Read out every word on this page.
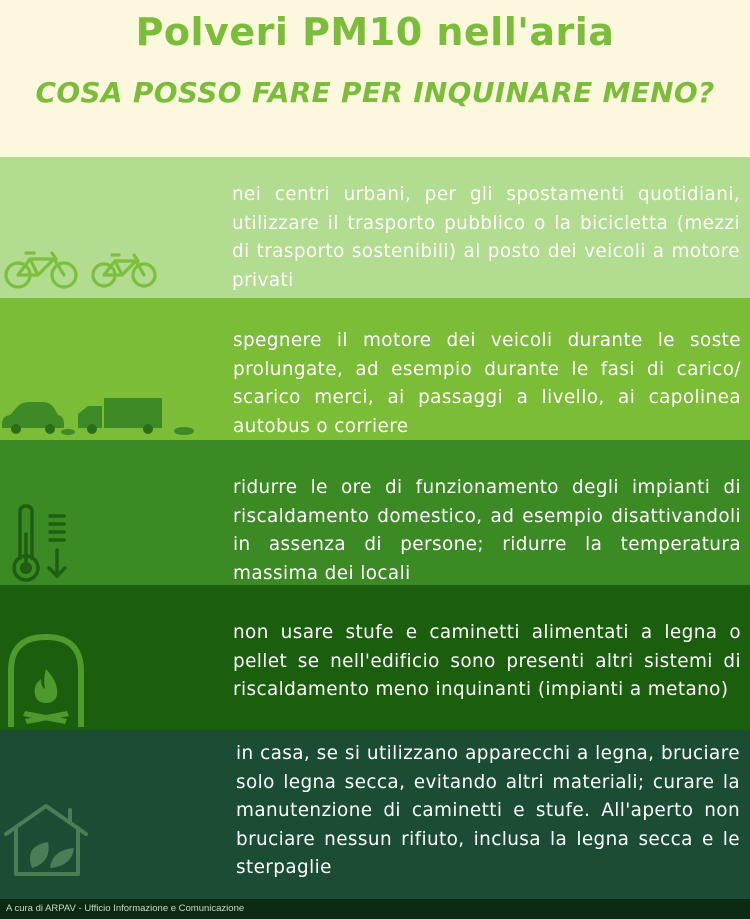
Polveri PM10 nell'aria
COSA POSSO FARE PER INQUINARE MENO?
nei centri urbani, per gli spostamenti quotidiani, utilizzare il trasporto pubblico o la bicicletta (mezzi di trasporto sostenibili) al posto dei veicoli a motore privati
spegnere il motore dei veicoli durante le soste prolungate, ad esempio durante le fasi di carico/ scarico merci, ai passaggi a livello, ai capolinea autobus o corriere
ridurre le ore di funzionamento degli impianti di riscaldamento domestico, ad esempio disattivandoli in assenza di persone; ridurre la temperatura massima dei locali
non usare stufe e caminetti alimentati a legna o pellet se nell'edificio sono presenti altri sistemi di riscaldamento meno inquinanti (impianti a metano)
in casa, se si utilizzano apparecchi a legna, bruciare solo legna secca, evitando altri materiali; curare la manutenzione di caminetti e stufe. All'aperto non bruciare nessun rifiuto, inclusa la legna secca e le sterpaglie
A cura di ARPAV - Ufficio Informazione e Comunicazione
